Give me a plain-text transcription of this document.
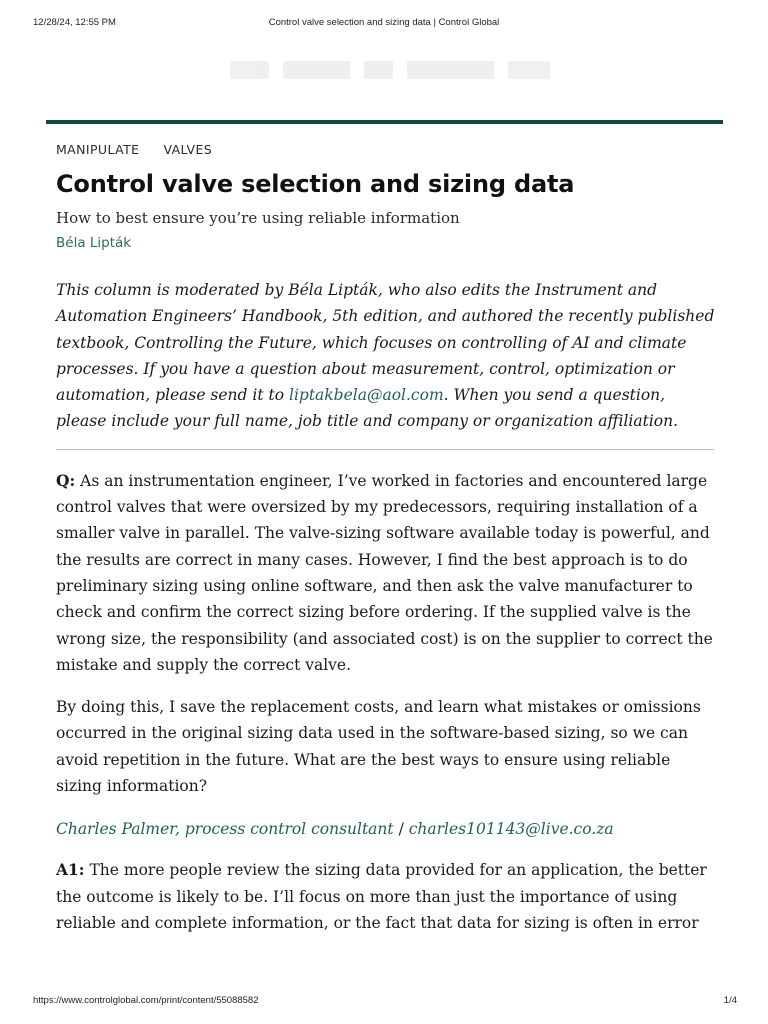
12/28/24, 12:55 PM	Control valve selection and sizing data | Control Global
MANIPULATE VALVES
Control valve selection and sizing data
How to best ensure you’re using reliable information
Béla Lipták
This column is moderated by Béla Lipták, who also edits the Instrument and Automation Engineers’ Handbook, 5th edition, and authored the recently published textbook, Controlling the Future, which focuses on controlling of AI and climate processes. If you have a question about measurement, control, optimization or automation, please send it to liptakbela@aol.com. When you send a question, please include your full name, job title and company or organization affiliation.

Q: As an instrumentation engineer, I’ve worked in factories and encountered large control valves that were oversized by my predecessors, requiring installation of a smaller valve in parallel. The valve-sizing software available today is powerful, and the results are correct in many cases. However, I find the best approach is to do preliminary sizing using online software, and then ask the valve manufacturer to check and confirm the correct sizing before ordering. If the supplied valve is the wrong size, the responsibility (and associated cost) is on the supplier to correct the mistake and supply the correct valve.

By doing this, I save the replacement costs, and learn what mistakes or omissions occurred in the original sizing data used in the software-based sizing, so we can avoid repetition in the future. What are the best ways to ensure using reliable sizing information?

Charles Palmer, process control consultant / charles101143@live.co.za

A1: The more people review the sizing data provided for an application, the better the outcome is likely to be. I’ll focus on more than just the importance of using reliable and complete information, or the fact that data for sizing is often in error

https://www.controlglobal.com/print/content/55088582	1/4
